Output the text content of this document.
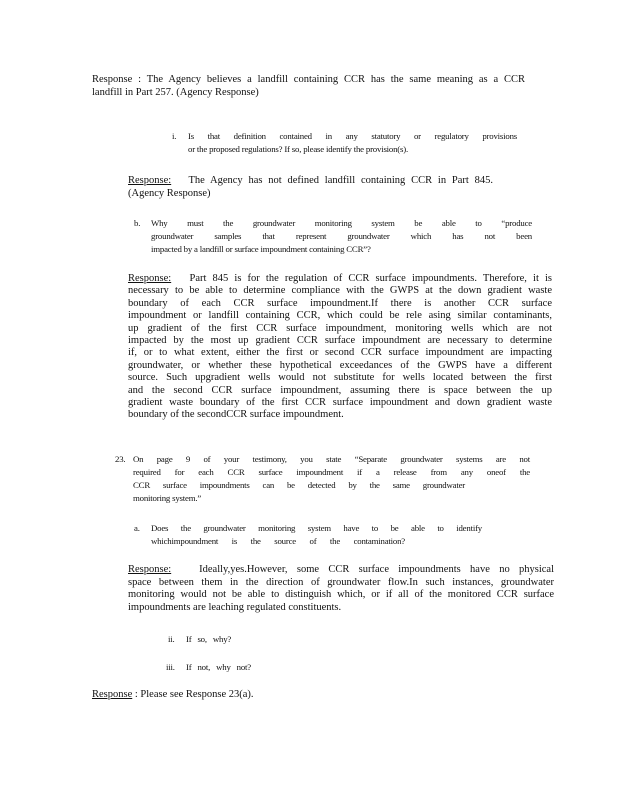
Response : The Agency believes a landfill containing CCR has the same meaning as a CCR
landfill in Part 257. (Agency Response)
i. Is that definition contained in any statutory or regulatory provisions
or the proposed regulations? If so, please identify the provision(s).
Response: The Agency has not defined landfill containing CCR in Part 845.
(Agency Response)
b. Why must the groundwater monitoring system be able to “produce
groundwater samples that represent groundwater which has not been
impacted by a landfill or surface impoundment containing CCR”?
Response: Part 845 is for the regulation of CCR surface impoundments. Therefore, it is
necessary to be able to determine compliance with the GWPS at the down gradient waste
boundary of each CCR surface impoundment.If there is another CCR surface
impoundment or landfill containing CCR, which could be rele asing similar contaminants,
up gradient of the first CCR surface impoundment, monitoring wells which are not
impacted by the most up gradient CCR surface impoundment are necessary to determine
if, or to what extent, either the first or second CCR surface impoundment are impacting
groundwater, or whether these hypothetical exceedances of the GWPS have a different
source. Such upgradient wells would not substitute for wells located between the first
and the second CCR surface impoundment, assuming there is space between the up
gradient waste boundary of the first CCR surface impoundment and down gradient waste
boundary of the secondCCR surface impoundment.
23. On page 9 of your testimony, you state “Separate groundwater systems are not
required for each CCR surface impoundment if a release from any oneof the
CCR surface impoundments can be detected by the same groundwater
monitoring system.”
a. Does the groundwater monitoring system have to be able to identify
whichimpoundment is the source of the contamination?
Response:	Ideally,yes.However, some CCR surface impoundments have no physical
space between them in the direction of groundwater flow.In such instances, groundwater
monitoring would not be able to distinguish which, or if all of the monitored CCR surface
impoundments are leaching regulated constituents.
ii. If so, why?
iii. If not, why not?
Response : Please see Response 23(a).
